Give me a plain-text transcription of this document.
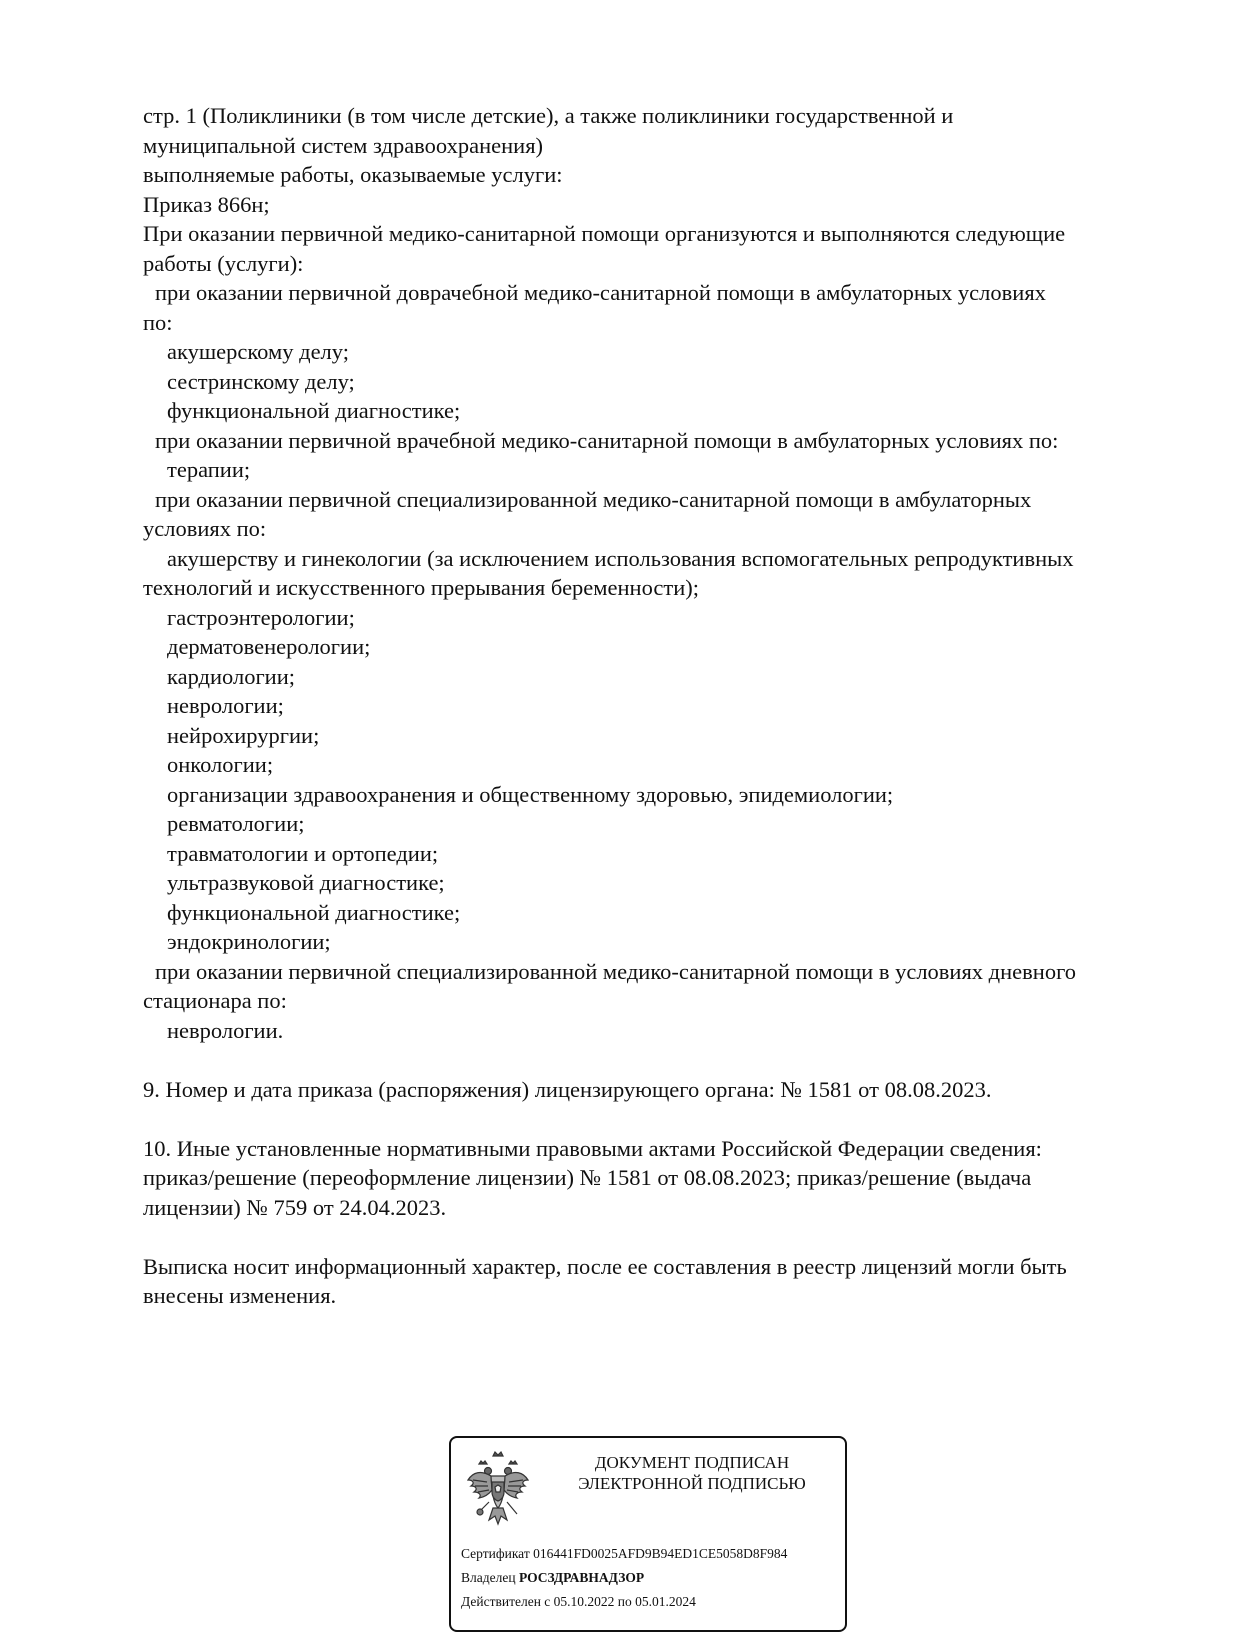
стр. 1 (Поликлиники (в том числе детские), а также поликлиники государственной и
муниципальной систем здравоохранения)
выполняемые работы, оказываемые услуги:
Приказ 866н;
При оказании первичной медико-санитарной помощи организуются и выполняются следующие
работы (услуги):
при оказании первичной доврачебной медико-санитарной помощи в амбулаторных условиях
по:
акушерскому делу;
сестринскому делу;
функциональной диагностике;
при оказании первичной врачебной медико-санитарной помощи в амбулаторных условиях по:
терапии;
при оказании первичной специализированной медико-санитарной помощи в амбулаторных
условиях по:
акушерству и гинекологии (за исключением использования вспомогательных репродуктивных
технологий и искусственного прерывания беременности);
гастроэнтерологии;
дерматовенерологии;
кардиологии;
неврологии;
нейрохирургии;
онкологии;
организации здравоохранения и общественному здоровью, эпидемиологии;
ревматологии;
травматологии и ортопедии;
ультразвуковой диагностике;
функциональной диагностике;
эндокринологии;
при оказании первичной специализированной медико-санитарной помощи в условиях дневного
стационара по:
неврологии.
9. Номер и дата приказа (распоряжения) лицензирующего органа: № 1581 от 08.08.2023.
10. Иные установленные нормативными правовыми актами Российской Федерации сведения:
приказ/решение (переоформление лицензии) № 1581 от 08.08.2023; приказ/решение (выдача
лицензии) № 759 от 24.04.2023.
Выписка носит информационный характер, после ее составления в реестр лицензий могли быть
внесены изменения.
ДОКУМЕНТ ПОДПИСАН
ЭЛЕКТРОННОЙ ПОДПИСЬЮ
Сертификат 016441FD0025AFD9B94ED1CE5058D8F984
Владелец РОСЗДРАВНАДЗОР
Действителен с 05.10.2022 по 05.01.2024
